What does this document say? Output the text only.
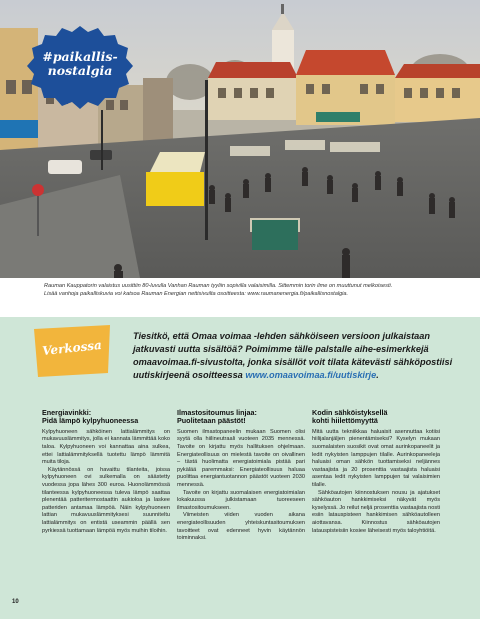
#paikallis-
nostalgia
Rauman Kauppatorin valaistus uusittiin 80-luvulla Vanhan Rauman tyyliin sopivilla valaisimilla. Sittemmin torin ilme on muuttunut melkoisesti.
Lisää vanhoja paikalliskuvia voi katsoa Rauman Energian nettisivuilta osoitteesta: www.raumanenergia.fi/paikallisnostalgia.
Verkossa
Tiesitkö, että Omaa voimaa -lehden sähköiseen versioon julkaistaan jatkuvasti uutta sisältöä? Poimimme tälle palstalle aihe-esimerkkejä omaavoimaa.fi-sivustolta, jonka sisällöt voit tilata kätevästi sähköpostiisi uutiskirjeenä osoitteessa www.omaavoimaa.fi/uutiskirje.
Energiavinkki:
Pidä lämpö kylpyhuoneessa

Kylpyhuoneen sähköinen lattialämmitys on mukavuuslämmitys, jolla ei kannata lämmittää koko taloa. Kylpyhuoneen voi kannattaa aina sulkea, ettei lattialämmityksellä tuotettu lämpö lämmitä muita tiloja.

Käytännössä on havaittu tilanteita, joissa kylpyhuoneen ovi sulkemalla on säästetty vuodessa jopa lähes 300 euroa. Huonolämmössä tilanteessa kylpyhuoneessa tuleva lämpö saattaa plenentää patteritermostaattin aukioloa ja laskee patteriden antamaa lämpöä. Näin kylpyhuoneen lattian mukavuuslämmityksesi suunniteltu lattialämmitys on entistä useammin päällä sen pyrkiessä tuottamaan lämpöä myös muihin tiloihin.

Ilmastositoumus linjaa:
Puolitetaan päästöt!

Suomen ilmastopaneelin mukaan Suomen olisi syytä olla hiilineutraali vuoteen 2035 mennessä. Tavoite on kirjattu myös hallituksen ohjelmaan. Energiateollisuus on mielestä tavoite on oivallinen – tästä huolimatta energiatoimiala pistää pari pykälää paremmaksi: Energiateollisuus haluaa puolittaa energiantuotannon päästöt vuoteen 2030 mennessä.

Tavoite on kirjattu suomalaisen energiatoimialan lokakuussa julkistamaan tuoreeseen ilmastositoumukseen.

Viimeisten viiden vuoden aikana energiateollisuuden yhteiskuntasitoumuksen tavoitteet ovat edenneet hyvin käytännön toiminnaksi.

Kodin sähköistyksellä
kohti hiilettömyyttä

Mitä uutta tekniikkaa haluaisit asennuttaa kotiisi hiilijalanjäljen pienentämiseksi? Kyselyn mukaan suomalaisten suosikit ovat omat aurinkopaneelit ja ledit nykyisten lamppujen tilalle. Aurinkopaneeleja haluaisi oman sähkön tuottamiseksi neljännes vastaajista ja 20 prosenttia vastaajista haluaisi asentaa ledit nykyisten lamppujen tai valaisimien tilalle.

Sähköautojen kiinnostuksen nousu ja ajatukset sähköauton hankkimiseksi näkyvät myös kyselyssä. Jo reilut neljä prosenttia vastaajista nosti esiin latauspisteen hankkimisen sähköautolleen aiottavansa. Kiinnostus sähköautojen latauspisteisiin kosiee läheisesti myös taloyhtiöitä.

10
